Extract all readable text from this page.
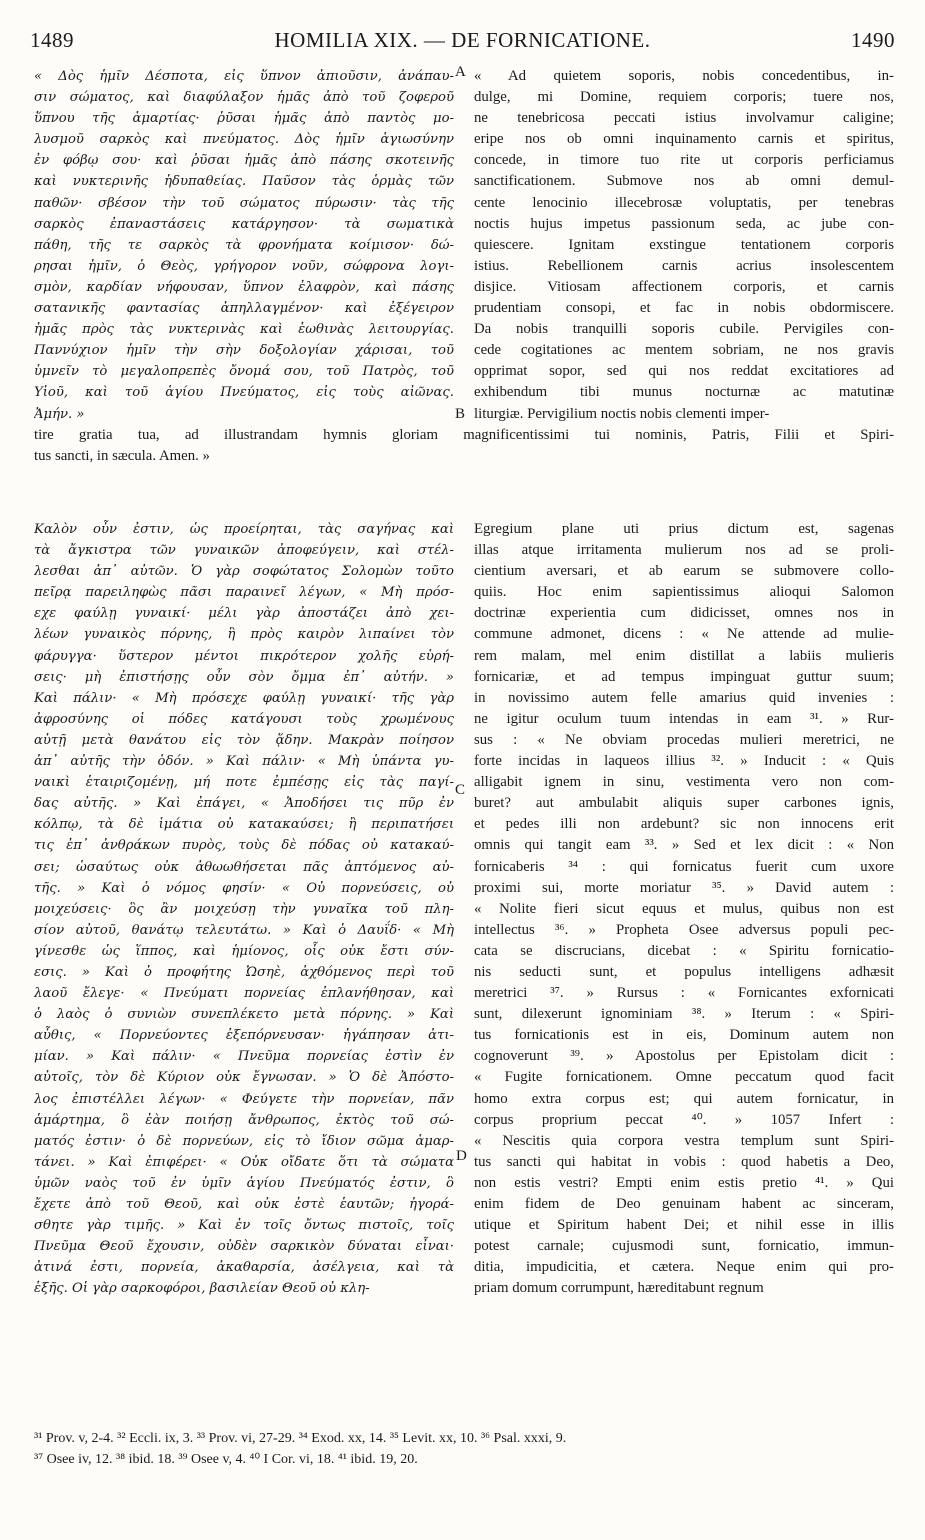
1489	HOMILIA XIX. — DE FORNICATIONE.	1490
A
B
C
D
« Δὸς ἡμῖν Δέσποτα, εἰς ὕπνον ἀπιοῦσιν, ἀνάπαυ-
σιν σώματος, καὶ διαφύλαξον ἡμᾶς ἀπὸ τοῦ ζοφεροῦ
ὕπνου τῆς ἁμαρτίας· ῥῦσαι ἡμᾶς ἀπὸ παντὸς μο-
λυσμοῦ σαρκὸς καὶ πνεύματος. Δὸς ἡμῖν ἁγιωσύνην
ἐν φόβῳ σου· καὶ ῥῦσαι ἡμᾶς ἀπὸ πάσης σκοτεινῆς
καὶ νυκτερινῆς ἡδυπαθείας. Παῦσον τὰς ὁρμὰς τῶν
παθῶν· σβέσον τὴν τοῦ σώματος πύρωσιν· τὰς τῆς
σαρκὸς ἐπαναστάσεις κατάργησον· τὰ σωματικὰ
πάθη, τῆς τε σαρκὸς τὰ φρονήματα κοίμισον· δώ-
ρησαι ἡμῖν, ὁ Θεὸς, γρήγορον νοῦν, σώφρονα λογι-
σμὸν, καρδίαν νήφουσαν, ὕπνον ἐλαφρὸν, καὶ πάσης
σατανικῆς φαντασίας ἀπηλλαγμένον· καὶ ἐξέγειρον
ἡμᾶς πρὸς τὰς νυκτερινὰς καὶ ἑωθινὰς λειτουργίας.
Παννύχιον ἡμῖν τὴν σὴν δοξολογίαν χάρισαι, τοῦ
ὑμνεῖν τὸ μεγαλοπρεπὲς ὄνομά σου, τοῦ Πατρὸς, τοῦ
Υἱοῦ, καὶ τοῦ ἁγίου Πνεύματος, εἰς τοὺς αἰῶνας.
Ἀμήν. »
« Ad quietem soporis, nobis concedentibus, in-
dulge, mi Domine, requiem corporis; tuere nos,
ne tenebricosa peccati istius involvamur caligine;
eripe nos ob omni inquinamento carnis et spiritus,
concede, in timore tuo rite ut corporis perficiamus
sanctificationem. Submove nos ab omni demul-
cente lenocinio illecebrosæ voluptatis, per tenebras
noctis hujus impetus passionum seda, ac jube con-
quiescere. Ignitam exstingue tentationem corporis
istius. Rebellionem carnis acrius insolescentem
disjice. Vitiosam affectionem corporis, et carnis
prudentiam consopi, et fac in nobis obdormiscere.
Da nobis tranquilli soporis cubile. Pervigiles con-
cede cogitationes ac mentem sobriam, ne nos gravis
opprimat sopor, sed qui nos reddat excitatiores ad
exhibendum tibi munus nocturnæ ac matutinæ
liturgiæ. Pervigilium noctis nobis clementi imper-
tire gratia tua, ad illustrandam hymnis gloriam magnificentissimi tui nominis, Patris, Filii et Spiri-
tus sancti, in sæcula. Amen. »
Καλὸν οὖν ἐστιν, ὡς προείρηται, τὰς σαγήνας καὶ
τὰ ἄγκιστρα τῶν γυναικῶν ἀποφεύγειν, καὶ στέλ-
λεσθαι ἀπ᾽ αὐτῶν. Ὁ γὰρ σοφώτατος Σολομὼν τοῦτο
πεῖρᾳ παρειληφὼς πᾶσι παραινεῖ λέγων, « Μὴ πρόσ-
εχε φαύλῃ γυναικί· μέλι γὰρ ἀποστάζει ἀπὸ χει-
λέων γυναικὸς πόρνης, ἣ πρὸς καιρὸν λιπαίνει τὸν
φάρυγγα· ὕστερον μέντοι πικρότερον χολῆς εὑρή-
σεις· μὴ ἐπιστήσῃς οὖν σὸν ὄμμα ἐπ᾽ αὐτήν. »
Καὶ πάλιν· « Μὴ πρόσεχε φαύλῃ γυναικί· τῆς γὰρ
ἀφροσύνης οἱ πόδες κατάγουσι τοὺς χρωμένους
αὐτῇ μετὰ θανάτου εἰς τὸν ᾅδην. Μακρὰν ποίησον
ἀπ᾽ αὐτῆς τὴν ὁδόν. » Καὶ πάλιν· « Μὴ ὑπάντα γυ-
ναικὶ ἑταιριζομένῃ, μή ποτε ἐμπέσῃς εἰς τὰς παγί-
δας αὐτῆς. » Καὶ ἐπάγει, « Ἀποδήσει τις πῦρ ἐν
κόλπῳ, τὰ δὲ ἱμάτια οὐ κατακαύσει; ἢ περιπατήσει
τις ἐπ᾽ ἀνθράκων πυρὸς, τοὺς δὲ πόδας οὐ κατακαύ-
σει; ὡσαύτως οὐκ ἀθωωθήσεται πᾶς ἁπτόμενος αὐ-
τῆς. » Καὶ ὁ νόμος φησίν· « Οὐ πορνεύσεις, οὐ
μοιχεύσεις· ὃς ἂν μοιχεύσῃ τὴν γυναῖκα τοῦ πλη-
σίον αὐτοῦ, θανάτῳ τελευτάτω. » Καὶ ὁ Δαυΐδ· « Μὴ
γίνεσθε ὡς ἵππος, καὶ ἡμίονος, οἷς οὐκ ἔστι σύν-
εσις. » Καὶ ὁ προφήτης Ὠσηὲ, ἀχθόμενος περὶ τοῦ
λαοῦ ἔλεγε· « Πνεύματι πορνείας ἐπλανήθησαν, καὶ
ὁ λαὸς ὁ συνιὼν συνεπλέκετο μετὰ πόρνης. » Καὶ
αὖθις, « Πορνεύοντες ἐξεπόρνευσαν· ἠγάπησαν ἀτι-
μίαν. » Καὶ πάλιν· « Πνεῦμα πορνείας ἐστὶν ἐν
αὐτοῖς, τὸν δὲ Κύριον οὐκ ἔγνωσαν. » Ὁ δὲ Ἀπόστο-
λος ἐπιστέλλει λέγων· « Φεύγετε τὴν πορνείαν, πᾶν
ἁμάρτημα, ὃ ἐὰν ποιήσῃ ἄνθρωπος, ἐκτὸς τοῦ σώ-
ματός ἐστιν· ὁ δὲ πορνεύων, εἰς τὸ ἴδιον σῶμα ἁμαρ-
τάνει. » Καὶ ἐπιφέρει· « Οὐκ οἴδατε ὅτι τὰ σώματα
ὑμῶν ναὸς τοῦ ἐν ὑμῖν ἁγίου Πνεύματός ἐστιν, ὃ
ἔχετε ἀπὸ τοῦ Θεοῦ, καὶ οὐκ ἐστὲ ἑαυτῶν; ἠγορά-
σθητε γὰρ τιμῆς. » Καὶ ἐν τοῖς ὄντως πιστοῖς, τοῖς
Πνεῦμα Θεοῦ ἔχουσιν, οὐδὲν σαρκικὸν δύναται εἶναι·
ἀτινά ἐστι, πορνεία, ἀκαθαρσία, ἀσέλγεια, καὶ τὰ
ἑξῆς. Οἱ γὰρ σαρκοφόροι, βασιλείαν Θεοῦ οὐ κλη-
Egregium plane uti prius dictum est, sagenas
illas atque irritamenta mulierum nos ad se proli-
cientium aversari, et ab earum se submovere collo-
quiis. Hoc enim sapientissimus alioqui Salomon
doctrinæ experientia cum didicisset, omnes nos in
commune admonet, dicens : « Ne attende ad mulie-
rem malam, mel enim distillat a labiis mulieris
fornicariæ, et ad tempus impinguat guttur suum;
in novissimo autem felle amarius quid invenies :
ne igitur oculum tuum intendas in eam ³¹. » Rur-
sus : « Ne obviam procedas mulieri meretrici, ne
forte incidas in laqueos illius ³². » Inducit : « Quis
alligabit ignem in sinu, vestimenta vero non com-
buret? aut ambulabit aliquis super carbones ignis,
et pedes illi non ardebunt? sic non innocens erit
omnis qui tangit eam ³³. » Sed et lex dicit : « Non
fornicaberis ³⁴ : qui fornicatus fuerit cum uxore
proximi sui, morte moriatur ³⁵. » David autem :
« Nolite fieri sicut equus et mulus, quibus non est
intellectus ³⁶. » Propheta Osee adversus populi pec-
cata se discrucians, dicebat : « Spiritu fornicatio-
nis seducti sunt, et populus intelligens adhæsit
meretrici ³⁷. » Rursus : « Fornicantes exfornicati
sunt, dilexerunt ignominiam ³⁸. » Iterum : « Spiri-
tus fornicationis est in eis, Dominum autem non
cognoverunt ³⁹. » Apostolus per Epistolam dicit :
« Fugite fornicationem. Omne peccatum quod facit
homo extra corpus est; qui autem fornicatur, in
corpus proprium peccat ⁴⁰. » 1057 Infert :
« Nescitis quia corpora vestra templum sunt Spiri-
tus sancti qui habitat in vobis : quod habetis a Deo,
non estis vestri? Empti enim estis pretio ⁴¹. » Qui
enim fidem de Deo genuinam habent ac sinceram,
utique et Spiritum habent Dei; et nihil esse in illis
potest carnale; cujusmodi sunt, fornicatio, immun-
ditia, impudicitia, et cætera. Neque enim qui pro-
priam domum corrumpunt, hæreditabunt regnum
³¹ Prov. v, 2-4. ³² Eccli. ix, 3. ³³ Prov. vi, 27-29. ³⁴ Exod. xx, 14. ³⁵ Levit. xx, 10. ³⁶ Psal. xxxi, 9.
³⁷ Osee iv, 12. ³⁸ ibid. 18. ³⁹ Osee v, 4. ⁴⁰ I Cor. vi, 18. ⁴¹ ibid. 19, 20.
